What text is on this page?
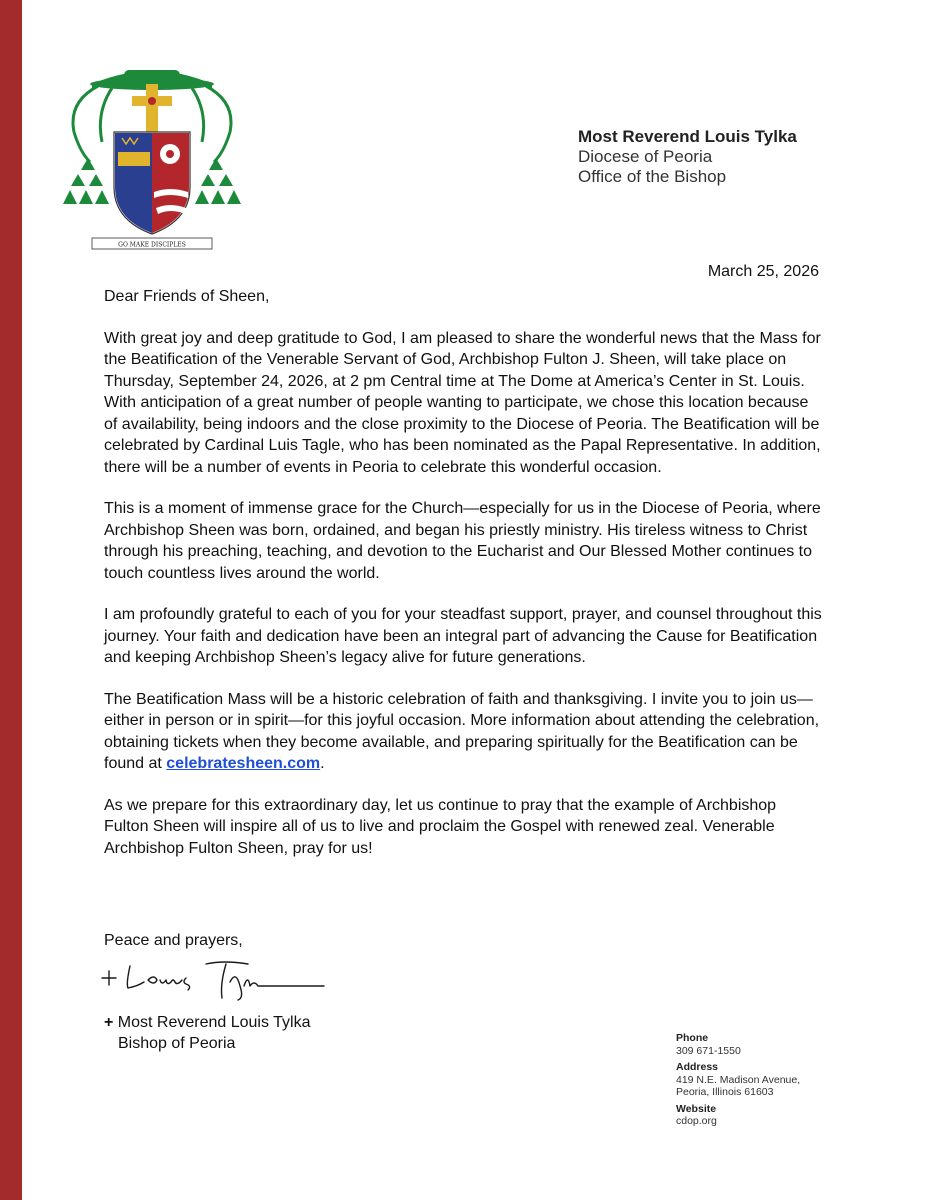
GO MAKE DISCIPLES
Most Reverend Louis Tylka
Diocese of Peoria
Office of the Bishop
March 25, 2026

Dear Friends of Sheen,

With great joy and deep gratitude to God, I am pleased to share the wonderful news that the Mass for the Beatification of the Venerable Servant of God, Archbishop Fulton J. Sheen, will take place on Thursday, September 24, 2026, at 2 pm Central time at The Dome at America’s Center in St. Louis. With anticipation of a great number of people wanting to participate, we chose this location because of availability, being indoors and the close proximity to the Diocese of Peoria. The Beatification will be celebrated by Cardinal Luis Tagle, who has been nominated as the Papal Representative. In addition, there will be a number of events in Peoria to celebrate this wonderful occasion.

This is a moment of immense grace for the Church—especially for us in the Diocese of Peoria, where Archbishop Sheen was born, ordained, and began his priestly ministry. His tireless witness to Christ through his preaching, teaching, and devotion to the Eucharist and Our Blessed Mother continues to touch countless lives around the world.

I am profoundly grateful to each of you for your steadfast support, prayer, and counsel throughout this journey. Your faith and dedication have been an integral part of advancing the Cause for Beatification and keeping Archbishop Sheen’s legacy alive for future generations.

The Beatification Mass will be a historic celebration of faith and thanksgiving. I invite you to join us—either in person or in spirit—for this joyful occasion. More information about attending the celebration, obtaining tickets when they become available, and preparing spiritually for the Beatification can be found at celebratesheen.com.

As we prepare for this extraordinary day, let us continue to pray that the example of Archbishop Fulton Sheen will inspire all of us to live and proclaim the Gospel with renewed zeal. Venerable Archbishop Fulton Sheen, pray for us!

Peace and prayers,
+ Most Reverend Louis Tylka
Bishop of Peoria	Phone
309 671-1550
Address
419 N.E. Madison Avenue,
Peoria, Illinois 61603
Website
cdop.org
